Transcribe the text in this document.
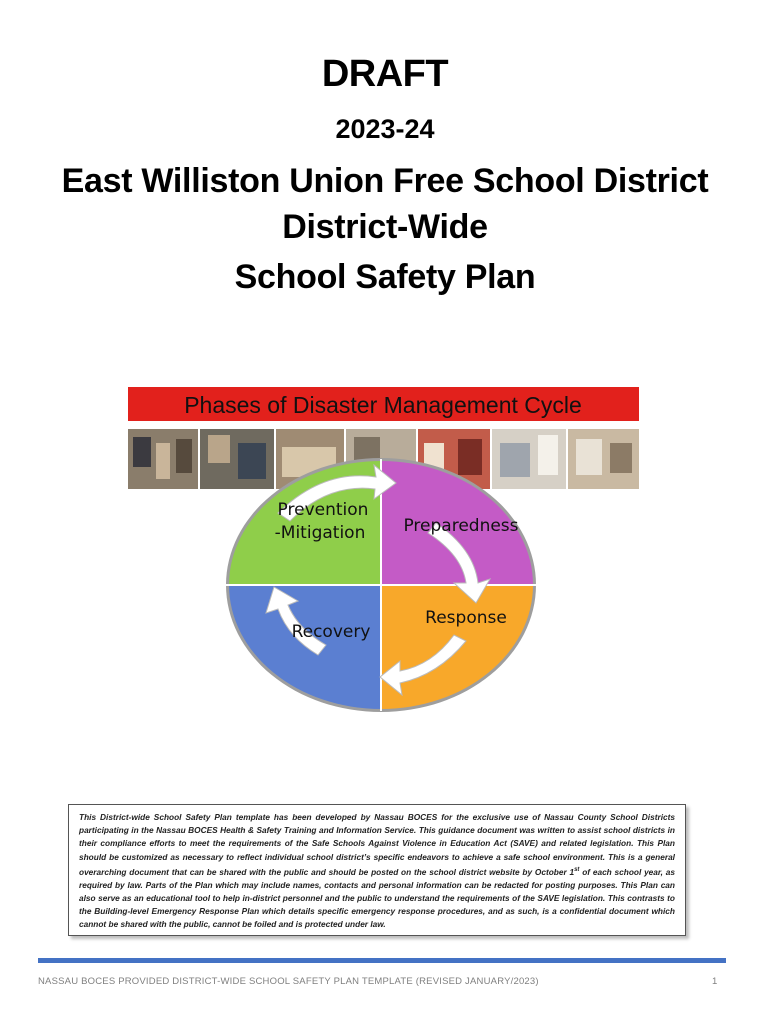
DRAFT
2023-24
East Williston Union Free School District
District-Wide
School Safety Plan
Phases of Disaster Management Cycle
Prevention
-Mitigation Preparedness
Response
Recovery
This District-wide School Safety Plan template has been developed by Nassau BOCES for the exclusive use of Nassau County School Districts participating in the Nassau BOCES Health & Safety Training and Information Service. This guidance document was written to assist school districts in their compliance efforts to meet the requirements of the Safe Schools Against Violence in Education Act (SAVE) and related legislation. This Plan should be customized as necessary to reflect individual school district’s specific endeavors to achieve a safe school environment. This is a general overarching document that can be shared with the public and should be posted on the school district website by October 1st of each school year, as required by law. Parts of the Plan which may include names, contacts and personal information can be redacted for posting purposes. This Plan can also serve as an educational tool to help in-district personnel and the public to understand the requirements of the SAVE legislation. This contrasts to the Building-level Emergency Response Plan which details specific emergency response procedures, and as such, is a confidential document which cannot be shared with the public, cannot be foiled and is protected under law.
NASSAU BOCES PROVIDED DISTRICT-WIDE SCHOOL SAFETY PLAN TEMPLATE (REVISED JANUARY/2023)	1
